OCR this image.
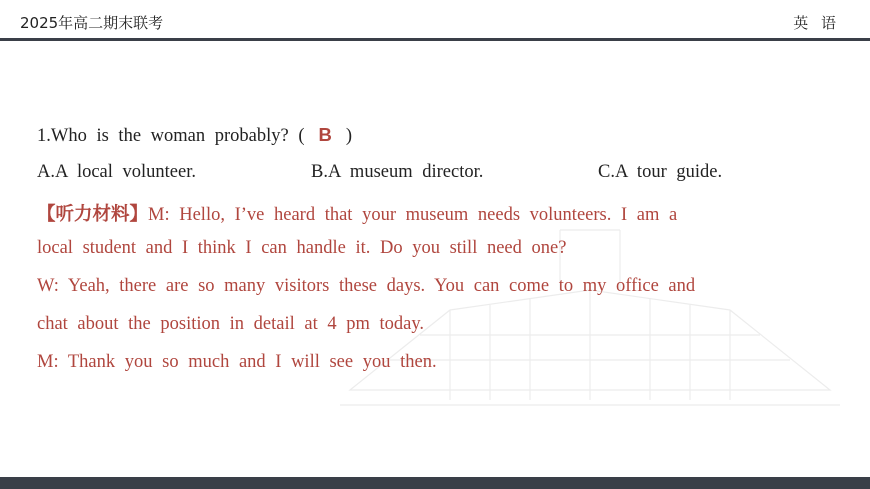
2025年高二期末联考	英 语
1.Who is the woman probably? ( B )
A.A local volunteer.	B.A museum director.	C.A tour guide.
【听力材料】M: Hello, I’ve heard that your museum needs volunteers. I am a
local student and I think I can handle it. Do you still need one?
W: Yeah, there are so many visitors these days. You can come to my office and
chat about the position in detail at 4 pm today.
M: Thank you so much and I will see you then.
